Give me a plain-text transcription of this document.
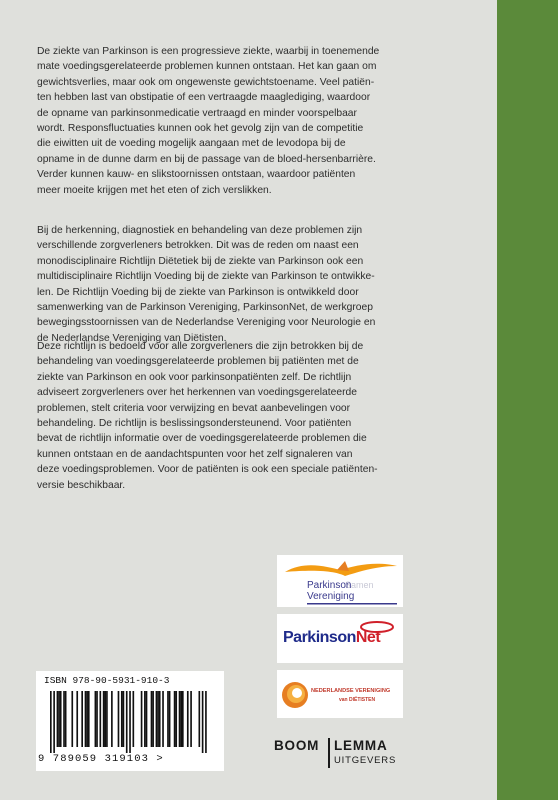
De ziekte van Parkinson is een progressieve ziekte, waarbij in toenemende
mate voedingsgerelateerde problemen kunnen ontstaan. Het kan gaan om
gewichtsverlies, maar ook om ongewenste gewichtstoename. Veel patiën-
ten hebben last van obstipatie of een vertraagde maaglediging, waardoor
de opname van parkinsonmedicatie vertraagd en minder voorspelbaar
wordt. Responsfluctuaties kunnen ook het gevolg zijn van de competitie
die eiwitten uit de voeding mogelijk aangaan met de levodopa bij de
opname in de dunne darm en bij de passage van de bloed-hersenbarrière.
Verder kunnen kauw- en slikstoornissen ontstaan, waardoor patiënten
meer moeite krijgen met het eten of zich verslikken.

Bij de herkenning, diagnostiek en behandeling van deze problemen zijn
verschillende zorgverleners betrokken. Dit was de reden om naast een
monodisciplinaire Richtlijn Diëtetiek bij de ziekte van Parkinson ook een
multidisciplinaire Richtlijn Voeding bij de ziekte van Parkinson te ontwikke-
len. De Richtlijn Voeding bij de ziekte van Parkinson is ontwikkeld door
samenwerking van de Parkinson Vereniging, ParkinsonNet, de werkgroep
bewegingsstoornissen van de Nederlandse Vereniging voor Neurologie en
de Nederlandse Vereniging van Diëtisten.

Deze richtlijn is bedoeld voor alle zorgverleners die zijn betrokken bij de
behandeling van voedingsgerelateerde problemen bij patiënten met de
ziekte van Parkinson en ook voor parkinsonpatiënten zelf. De richtlijn
adviseert zorgverleners over het herkennen van voedingsgerelateerde
problemen, stelt criteria voor verwijzing en bevat aanbevelingen voor
behandeling. De richtlijn is beslissingsondersteunend. Voor patiënten
bevat de richtlijn informatie over de voedingsgerelateerde problemen die
kunnen ontstaan en de aandachtspunten voor het zelf signaleren van
deze voedingsproblemen. Voor de patiënten is ook een speciale patiënten-
versie beschikbaar.

Samen
Parkinson
Vereniging
ParkinsonNet
NEDERLANDSE VERENIGING
van DIËTISTEN
ISBN 978-90-5931-910-3
9 789059 319103 >
BOOM LEMMA
UITGEVERS
